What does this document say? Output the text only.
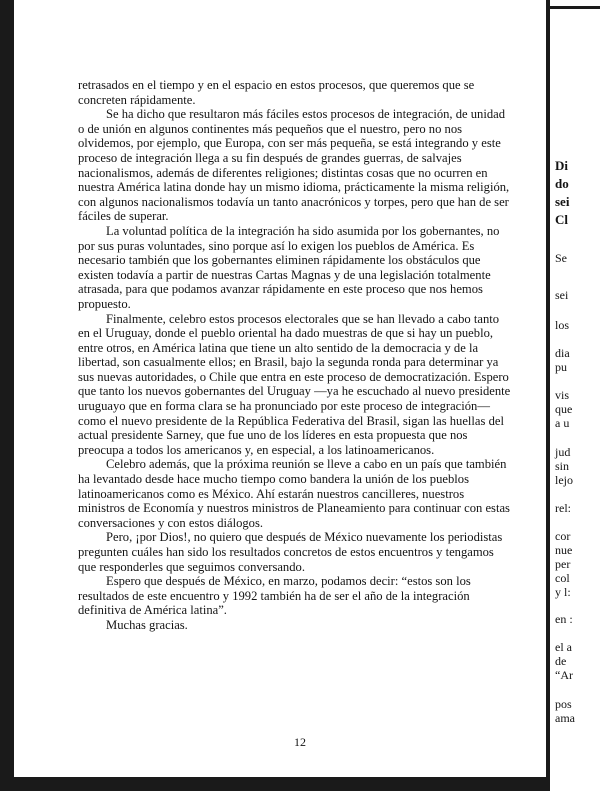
retrasados en el tiempo y en el espacio en estos procesos, que queremos que se concreten rápidamente.

Se ha dicho que resultaron más fáciles estos procesos de integración, de unidad o de unión en algunos continentes más pequeños que el nuestro, pero no nos olvidemos, por ejemplo, que Europa, con ser más pequeña, se está integrando y este proceso de integración llega a su fin después de grandes guerras, de salvajes nacionalismos, además de diferentes religiones; distintas cosas que no ocurren en nuestra América latina donde hay un mismo idioma, prácticamente la misma religión, con algunos nacionalismos todavía un tanto anacrónicos y torpes, pero que han de ser fáciles de superar.

La voluntad política de la integración ha sido asumida por los gobernantes, no por sus puras voluntades, sino porque así lo exigen los pueblos de América. Es necesario también que los gobernantes eliminen rápidamente los obstáculos que existen todavía a partir de nuestras Cartas Magnas y de una legislación totalmente atrasada, para que podamos avanzar rápidamente en este proceso que nos hemos propuesto.

Finalmente, celebro estos procesos electorales que se han llevado a cabo tanto en el Uruguay, donde el pueblo oriental ha dado muestras de que si hay un pueblo, entre otros, en América latina que tiene un alto sentido de la democracia y de la libertad, son casualmente ellos; en Brasil, bajo la segunda ronda para determinar ya sus nuevas autoridades, o Chile que entra en este proceso de democratización. Espero que tanto los nuevos gobernantes del Uruguay —ya he escuchado al nuevo presidente uruguayo que en forma clara se ha pronunciado por este proceso de integración— como el nuevo presidente de la República Federativa del Brasil, sigan las huellas del actual presidente Sarney, que fue uno de los líderes en esta propuesta que nos preocupa a todos los americanos y, en especial, a los latinoamericanos.

Celebro además, que la próxima reunión se lleve a cabo en un país que también ha levantado desde hace mucho tiempo como bandera la unión de los pueblos latinoamericanos como es México. Ahí estarán nuestros cancilleres, nuestros ministros de Economía y nuestros ministros de Planeamiento para continuar con estas conversaciones y con estos diálogos.

Pero, ¡por Dios!, no quiero que después de México nuevamente los periodistas pregunten cuáles han sido los resultados concretos de estos encuentros y tengamos que responderles que seguimos conversando.

Espero que después de México, en marzo, podamos decir: “estos son los resultados de este encuentro y 1992 también ha de ser el año de la integración definitiva de América latina”.

Muchas gracias.

12
Di
do
sei
Cl
Se
sei
los
dia
pu
vis
que
a u
jud
sin
lejo
rel:
cor
nue
per
col
y l:
en :
el a
de
“Ar
pos
ama
